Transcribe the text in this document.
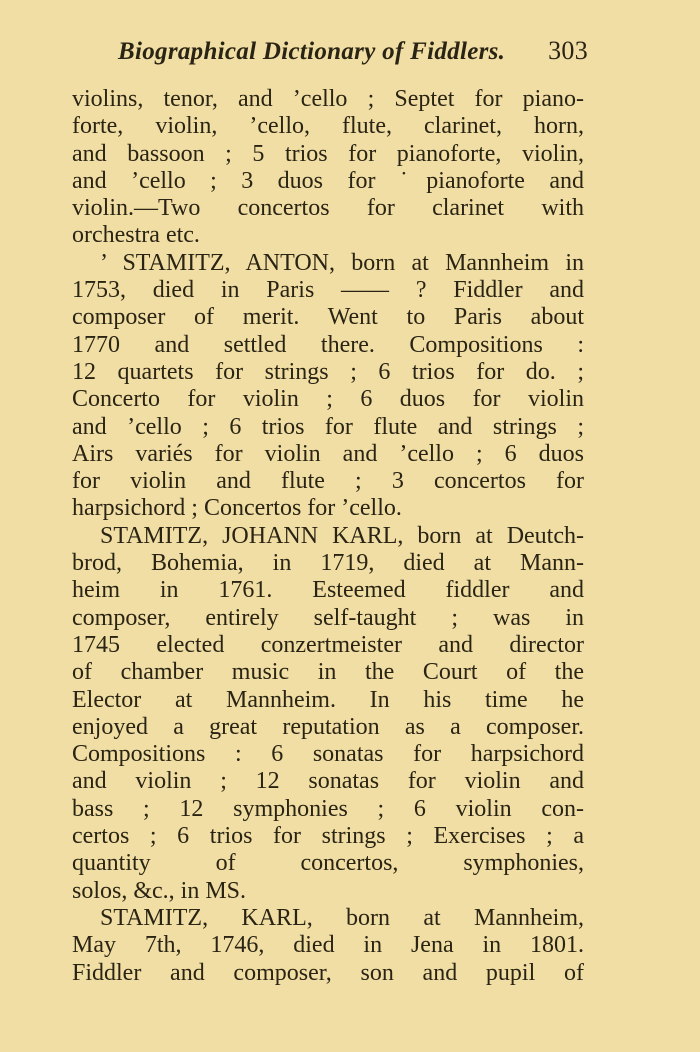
Biographical Dictionary of Fiddlers. 303
violins, tenor, and ’cello ; Septet for piano-
forte, violin, ’cello, flute, clarinet, horn,
and bassoon ; 5 trios for pianoforte, violin,
and ’cello ; 3 duos for ˙pianoforte and
violin.—Two concertos for clarinet with
orchestra etc.
’ STAMITZ, ANTON, born at Mannheim in
1753, died in Paris —— ? Fiddler and
composer of merit. Went to Paris about
1770 and settled there. Compositions :
12 quartets for strings ; 6 trios for do. ;
Concerto for violin ; 6 duos for violin
and ’cello ; 6 trios for flute and strings ;
Airs variés for violin and ’cello ; 6 duos
for violin and flute ; 3 concertos for
harpsichord ; Concertos for ’cello.
STAMITZ, JOHANN KARL, born at Deutch-
brod, Bohemia, in 1719, died at Mann-
heim in 1761. Esteemed fiddler and
composer, entirely self-taught ; was in
1745 elected conzertmeister and director
of chamber music in the Court of the
Elector at Mannheim. In his time he
enjoyed a great reputation as a composer.
Compositions : 6 sonatas for harpsichord
and violin ; 12 sonatas for violin and
bass ; 12 symphonies ; 6 violin con-
certos ; 6 trios for strings ; Exercises ; a
quantity of concertos, symphonies,
solos, &c., in MS.
STAMITZ, KARL, born at Mannheim,
May 7th, 1746, died in Jena in 1801.
Fiddler and composer, son and pupil of
